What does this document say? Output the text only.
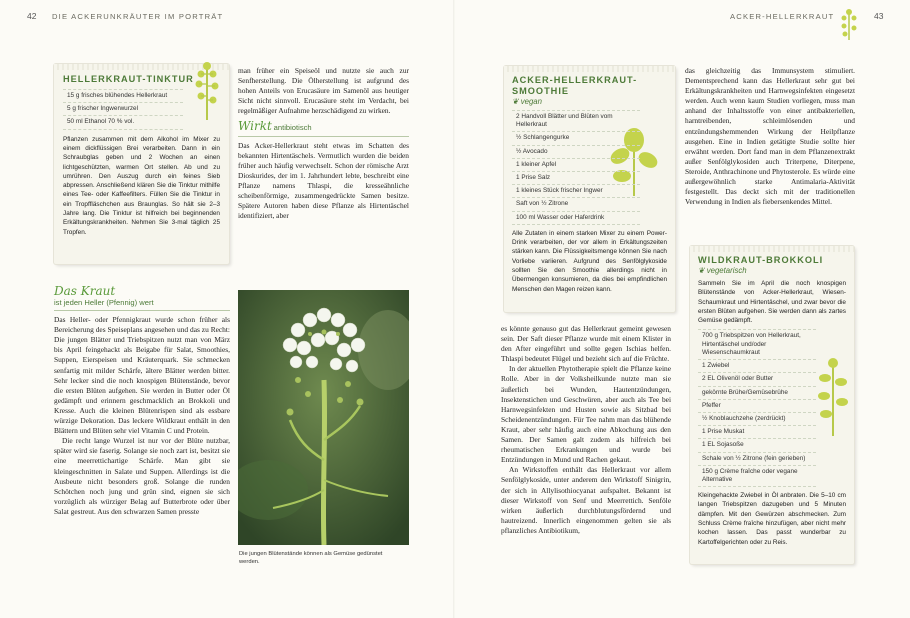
42 DIE ACKERUNKRÄUTER IM PORTRÄT
HELLERKRAUT-TINKTUR
15 g frisches blühendes Hellerkraut
5 g frischer Ingwerwurzel
50 ml Ethanol 70 % vol.
Pflanzen zusammen mit dem Alkohol im Mixer zu einem dickflüssigen Brei verarbeiten. Dann in ein Schraubglas geben und 2 Wochen an einen lichtgeschützten, warmen Ort stellen. Ab und zu umrühren. Den Auszug durch ein feines Sieb abpressen. Anschließend klären Sie die Tinktur mithilfe eines Tee- oder Kaffeefilters. Füllen Sie die Tinktur in ein Tropffläschchen aus Braunglas. So hält sie 2–3 Jahre lang. Die Tinktur ist hilfreich bei beginnenden Erkältungskrankheiten. Nehmen Sie 3-mal täglich 25 Tropfen.
Das Kraut
ist jeden Heller (Pfennig) wert

Das Heller- oder Pfennigkraut wurde schon früher als Bereicherung des Speiseplans angesehen und das zu Recht: Die jungen Blätter und Triebspitzen nutzt man von März bis April feingehackt als Beigabe für Salat, Smoothies, Suppen, Eierspeisen und Kräuterquark. Sie schmecken senfartig mit milder Schärfe, ältere Blätter werden bitter. Sehr lecker sind die noch knospigen Blütenstände, bevor die ersten Blüten aufgehen. Sie werden in Butter oder Öl gedämpft und erinnern geschmacklich an Brokkoli und Kresse. Auch die kleinen Blütenrispen sind als essbare würzige Dekoration. Das leckere Wildkraut enthält in den Blättern und Blüten sehr viel Vitamin C und Protein.

Die recht lange Wurzel ist nur vor der Blüte nutzbar, später wird sie faserig. Solange sie noch zart ist, besitzt sie eine meerrettichartige Schärfe. Man gibt sie kleingeschnitten in Salate und Suppen. Allerdings ist die Ausbeute nicht besonders groß. Solange die runden Schötchen noch jung und grün sind, eignen sie sich vorzüglich als würziger Belag auf Butterbrote oder über Salat gestreut. Aus den schwarzen Samen presste

man früher ein Speiseöl und nutzte sie auch zur Senfherstellung. Die Ölherstellung ist aufgrund des hohen Anteils von Erucasäure im Samenöl aus heutiger Sicht nicht sinnvoll. Erucasäure steht im Verdacht, bei regelmäßiger Aufnahme herzschädigend zu wirken.

Wirkt antibiotisch

Das Acker-Hellerkraut steht etwas im Schatten des bekannten Hirtentäschels. Vermutlich wurden die beiden früher auch häufig verwechselt. Schon der römische Arzt Dioskurides, der im 1. Jahrhundert lebte, beschreibt eine Pflanze namens Thlaspi, die kresseähnliche scheibenförmige, zusammengedrückte Samen besitze. Spätere Autoren haben diese Pflanze als Hirtentäschel identifiziert, aber

Die jungen Blütenstände können als Gemüse gedünstet werden.
ACKER-HELLERKRAUT	43
ACKER-HELLERKRAUT-SMOOTHIE
❦ vegan
2 Handvoll Blätter und Blüten vom Hellerkraut
½ Schlangengurke
½ Avocado
1 kleiner Apfel
1 Prise Salz
1 kleines Stück frischer Ingwer
Saft von ½ Zitrone
100 ml Wasser oder Haferdrink
Alle Zutaten in einem starken Mixer zu einem Power-Drink verarbeiten, der vor allem in Erkältungszeiten stärken kann. Die Flüssigkeitsmenge können Sie nach Vorliebe variieren. Aufgrund des Senfölglykoside sollten Sie den Smoothie allerdings nicht in Übermengen konsumieren, da dies bei empfindlichen Menschen den Magen reizen kann.

es könnte genauso gut das Hellerkraut gemeint gewesen sein. Der Saft dieser Pflanze wurde mit einem Klister in den After eingeführt und sollte gegen Ischias helfen. Thlaspi bedeutet Flügel und bezieht sich auf die Früchte.

In der aktuellen Phytotherapie spielt die Pflanze keine Rolle. Aber in der Volksheilkunde nutzte man sie äußerlich bei Wunden, Hautentzündungen, Insektenstichen und Geschwüren, aber auch als Tee bei Harnwegsinfekten und Husten sowie als Sitzbad bei Scheidenentzündungen. Für Tee nahm man das blühende Kraut, aber sehr häufig auch eine Abkochung aus den Samen. Der Samen galt zudem als hilfreich bei rheumatischen Erkrankungen und wurde bei Entzündungen in Mund und Rachen gekaut.

An Wirkstoffen enthält das Hellerkraut vor allem Senfölglykoside, unter anderem den Wirkstoff Sinigrin, der sich in Allylisothiocyanat aufspaltet. Bekannt ist dieser Wirkstoff von Senf und Meerrettich. Senföle wirken äußerlich durchblutungsfördernd und hautreizend. Innerlich eingenommen gelten sie als pflanzliches Antibiotikum,

das gleichzeitig das Immunsystem stimuliert. Dementsprechend kann das Hellerkraut sehr gut bei Erkältungskrankheiten und Harnwegsinfekten eingesetzt werden. Auch wenn kaum Studien vorliegen, muss man anhand der Inhaltsstoffe von einer antibakteriellen, harntreibenden, schleimlösenden und entzündungshemmenden Wirkung der Heilpflanze ausgehen. Eine in Indien getätigte Studie sollte hier erwähnt werden. Dort fand man in dem Pflanzenextrakt außer Senfölglykosiden auch Triterpene, Diterpene, Steroide, Anthrachinone und Phytosterole. Es würde eine außergewöhnlich starke Antimalaria-Aktivität festgestellt. Das deckt sich mit der traditionellen Verwendung in Indien als fiebersenkendes Mittel.

WILDKRAUT-BROKKOLI
❦ vegetarisch
Sammeln Sie im April die noch knospigen Blütenstände von Acker-Hellerkraut, Wiesen-Schaumkraut und Hirtentäschel, und zwar bevor die ersten Blüten aufgehen. Sie werden dann als zartes Gemüse gedämpft.
700 g Triebspitzen von Hellerkraut, Hirtentäschel und/oder Wiesenschaumkraut
1 Zwiebel
2 EL Olivenöl oder Butter
gekörnte Brühe/Gemüsebrühe
Pfeffer
½ Knoblauchzehe (zerdrückt)
1 Prise Muskat
1 EL Sojasoße
Schale von ½ Zitrone (fein gerieben)
150 g Crème fraîche oder vegane Alternative
Kleingehackte Zwiebel in Öl anbraten. Die 5–10 cm langen Triebspitzen dazugeben und 5 Minuten dämpfen. Mit den Gewürzen abschmecken. Zum Schluss Crème fraîche hinzufügen, aber nicht mehr kochen lassen. Das passt wunderbar zu Kartoffelgerichten oder zu Reis.
